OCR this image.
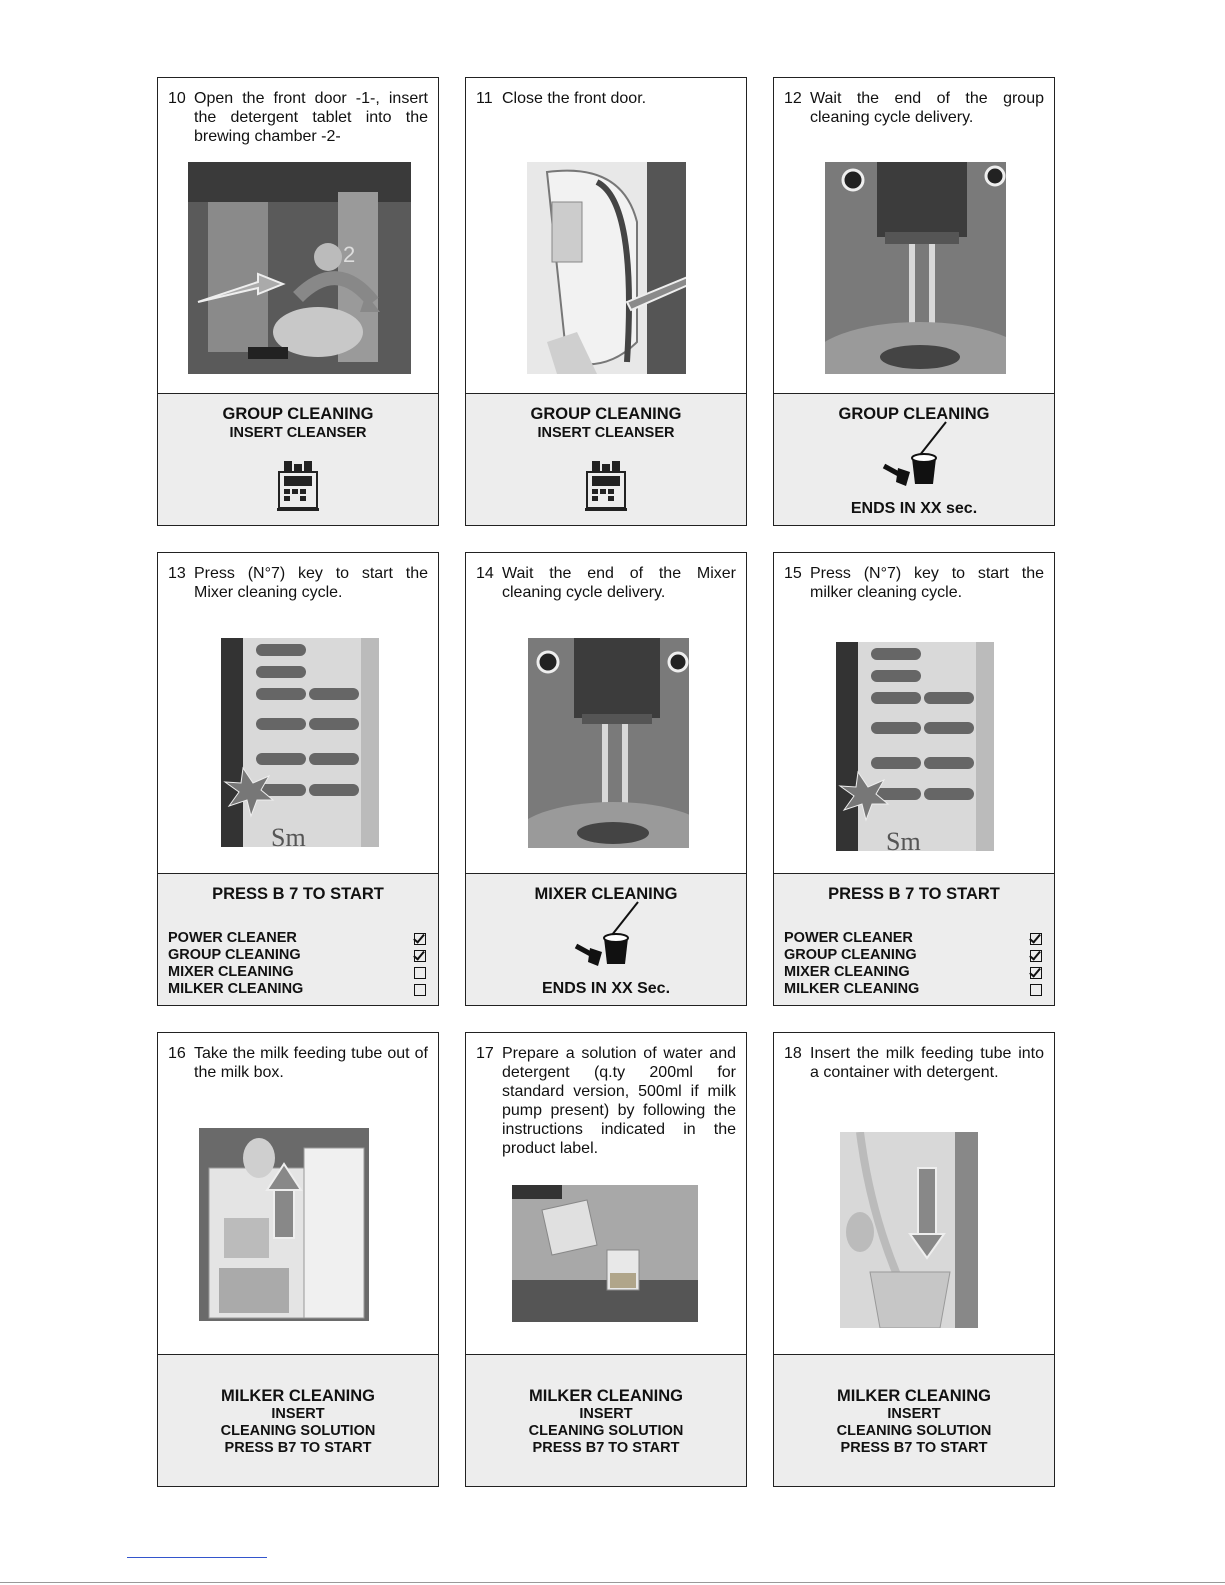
10 Open the front door -1-, insert the detergent tablet into the brewing chamber -2-
2
GROUP CLEANING
INSERT CLEANSER
11 Close the front door.
GROUP CLEANING
INSERT CLEANSER
12 Wait the end of the group cleaning cycle delivery.
GROUP CLEANING
ENDS IN XX sec.
13 Press (N°7) key to start the Mixer cleaning cycle.
Sm
PRESS B 7 TO START
POWER CLEANER
GROUP CLEANING
MIXER CLEANING
MILKER CLEANING
14 Wait the end of the Mixer cleaning cycle delivery.
MIXER CLEANING
ENDS IN XX Sec.
15 Press (N°7) key to start the milker cleaning cycle.
Sm
PRESS B 7 TO START
POWER CLEANER
GROUP CLEANING
MIXER CLEANING
MILKER CLEANING
16 Take the milk feeding tube out of the milk box.
MILKER CLEANING
INSERT
CLEANING SOLUTION
PRESS B7 TO START
17 Prepare a solution of water and detergent (q.ty 200ml for standard version, 500ml if milk pump present) by following the instructions indicated in the product label.
MILKER CLEANING
INSERT
CLEANING SOLUTION
PRESS B7 TO START
18 Insert the milk feeding tube into a container with detergent.
MILKER CLEANING
INSERT
CLEANING SOLUTION
PRESS B7 TO START
